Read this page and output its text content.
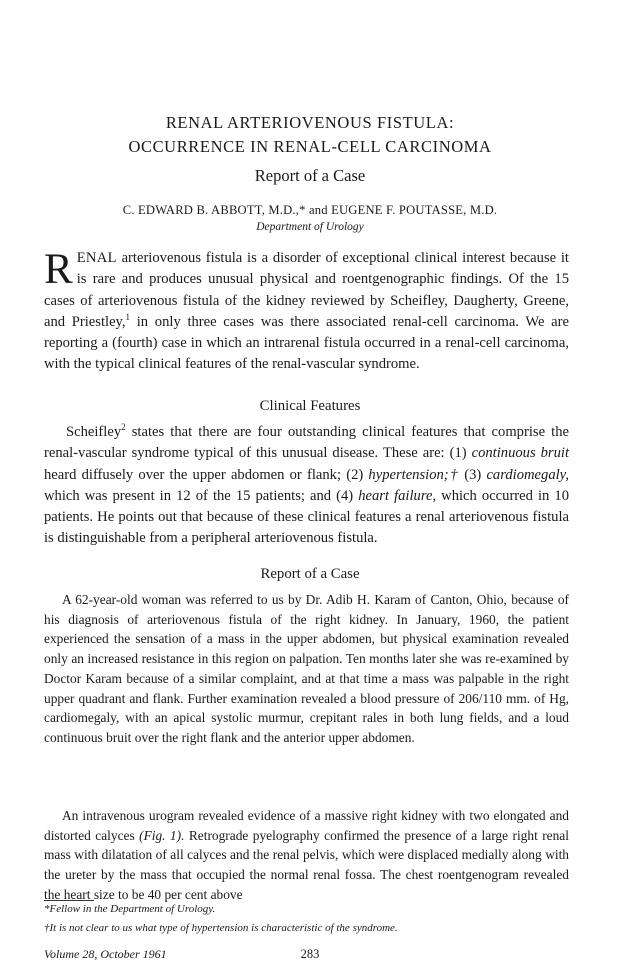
RENAL ARTERIOVENOUS FISTULA:
OCCURRENCE IN RENAL-CELL CARCINOMA
Report of a Case
C. EDWARD B. ABBOTT, M.D.,* and EUGENE F. POUTASSE, M.D.
Department of Urology

RENAL arteriovenous fistula is a disorder of exceptional clinical interest because it is rare and produces unusual physical and roentgenographic findings. Of the 15 cases of arteriovenous fistula of the kidney reviewed by Scheifley, Daugherty, Greene, and Priestley,$^1$ in only three cases was there associated renal-cell carcinoma. We are reporting a (fourth) case in which an intrarenal fistula occurred in a renal-cell carcinoma, with the typical clinical features of the renal-vascular syndrome.

Clinical Features

Scheifley$^2$ states that there are four outstanding clinical features that comprise the renal-vascular syndrome typical of this unusual disease. These are: (1) continuous bruit heard diffusely over the upper abdomen or flank; (2) hypertension;† (3) cardiomegaly, which was present in 12 of the 15 patients; and (4) heart failure, which occurred in 10 patients. He points out that because of these clinical features a renal arteriovenous fistula is distinguishable from a peripheral arteriovenous fistula.

Report of a Case

A 62-year-old woman was referred to us by Dr. Adib H. Karam of Canton, Ohio, because of his diagnosis of arteriovenous fistula of the right kidney. In January, 1960, the patient experienced the sensation of a mass in the upper abdomen, but physical examination revealed only an increased resistance in this region on palpation. Ten months later she was re-examined by Doctor Karam because of a similar complaint, and at that time a mass was palpable in the right upper quadrant and flank. Further examination revealed a blood pressure of 206/110 mm. of Hg, cardiomegaly, with an apical systolic murmur, crepitant rales in both lung fields, and a loud continuous bruit over the right flank and the anterior upper abdomen.

An intravenous urogram revealed evidence of a massive right kidney with two elongated and distorted calyces (Fig. 1). Retrograde pyelography confirmed the presence of a large right renal mass with dilatation of all calyces and the renal pelvis, which were displaced medially along with the ureter by the mass that occupied the normal renal fossa. The chest roentgenogram revealed the heart size to be 40 per cent above

*Fellow in the Department of Urology.
†It is not clear to us what type of hypertension is characteristic of the syndrome.
Volume 28, October 1961	283
